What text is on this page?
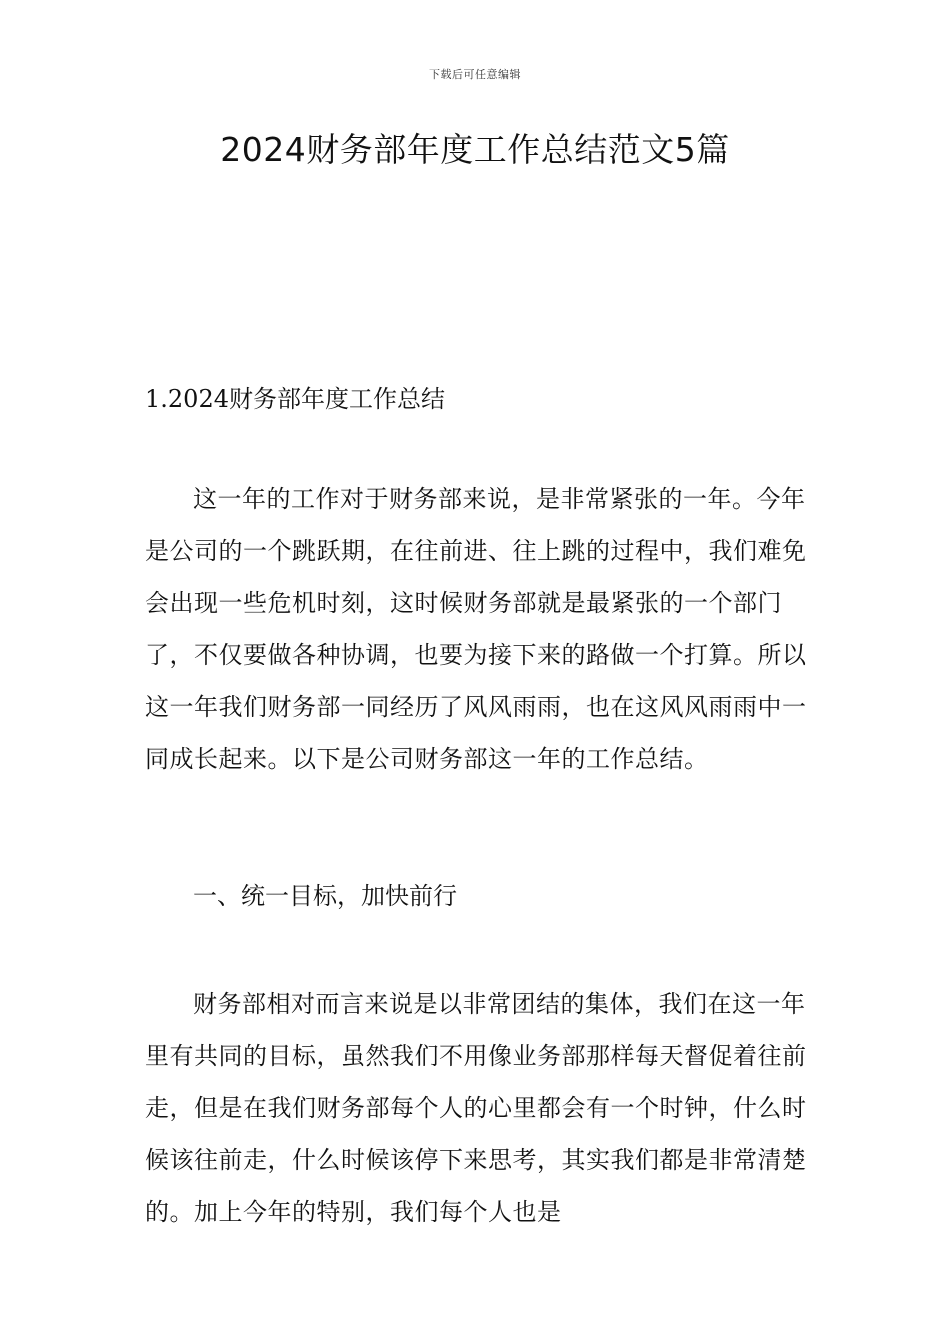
下载后可任意编辑
2024财务部年度工作总结范文5篇
1.2024财务部年度工作总结

这一年的工作对于财务部来说，是非常紧张的一年。今年是公司的一个跳跃期，在往前进、往上跳的过程中，我们难免会出现一些危机时刻，这时候财务部就是最紧张的一个部门了，不仅要做各种协调，也要为接下来的路做一个打算。所以这一年我们财务部一同经历了风风雨雨，也在这风风雨雨中一同成长起来。以下是公司财务部这一年的工作总结。

一、统一目标，加快前行

财务部相对而言来说是以非常团结的集体，我们在这一年里有共同的目标，虽然我们不用像业务部那样每天督促着往前走，但是在我们财务部每个人的心里都会有一个时钟，什么时候该往前走，什么时候该停下来思考，其实我们都是非常清楚的。加上今年的特别，我们每个人也是
